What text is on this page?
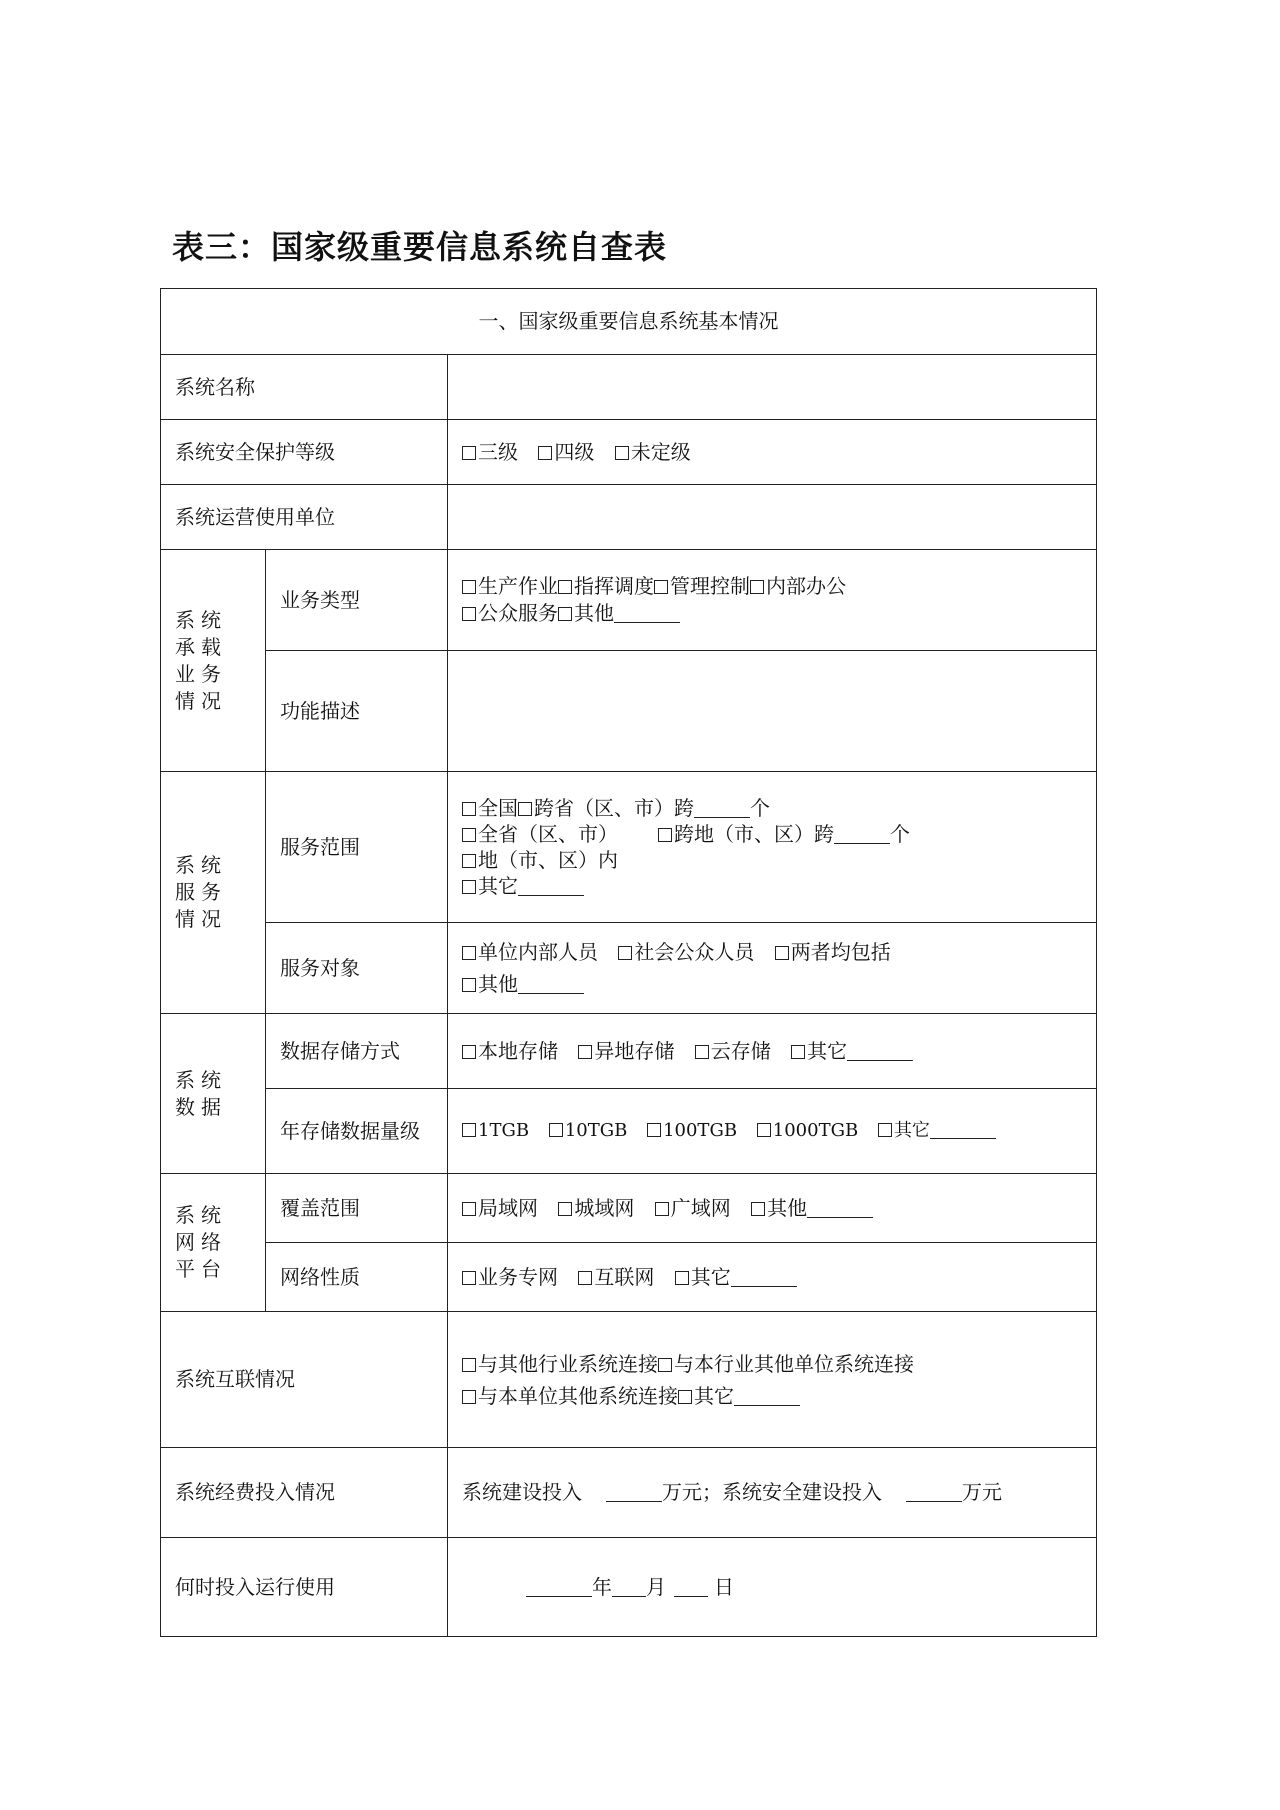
表三：国家级重要信息系统自查表
一、国家级重要信息系统基本情况		
系统名称		
系统安全保护等级		三级 四级 未定级
系统运营使用单位		
系统承载业务情况	业务类型	生产作业 指挥调度 管理控制 内部办公
公众服务 其他

	功能描述	
系统服务情况	服务范围	全国 跨省（区、市）跨 个
全省（区、市） 跨地（市、区）跨 个
地（市、区）内
其它

	服务对象	单位内部人员 社会公众人员 两者均包括
其他

系统数据	数据存储方式	本地存储 异地存储 云存储 其它
	年存储数据量级	1TGB 10TGB 100TGB 1000TGB 其它
系统网络平台	覆盖范围	局域网 城域网 广域网 其他
	网络性质	业务专网 互联网 其它
系统互联情况		与其他行业系统连接 与本行业其他单位系统连接
与本单位其他系统连接 其它

系统经费投入情况		系统建设投入 万元；系统安全建设投入 万元
何时投入运行使用		年 月 日
